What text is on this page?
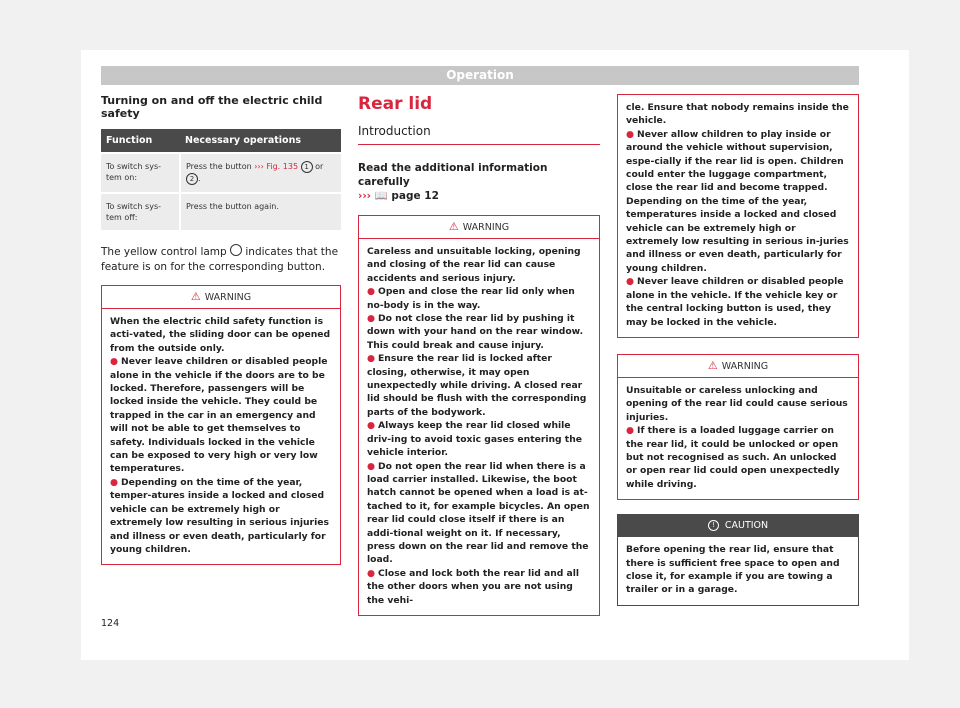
Operation
Turning on and off the electric child safety
Function	Necessary operations
To switch sys-tem on:	Press the button ››› Fig. 135 1 or
2 .
To switch sys-tem off:	Press the button again.

The yellow control lamp  indicates that the feature is on for the corresponding button.

⚠ WARNING

When the electric child safety function is acti-vated, the sliding door can be opened from the outside only.

● Never leave children or disabled people alone in the vehicle if the doors are to be locked. Therefore, passengers will be locked inside the vehicle. They could be trapped in the car in an emergency and will not be able to get themselves to safety. Individuals locked in the vehicle can be exposed to very high or very low temperatures.

● Depending on the time of the year, temper-atures inside a locked and closed vehicle can be extremely high or extremely low resulting in serious injuries and illness or even death, particularly for young children.

Rear lid
Introduction
Read the additional information carefully
››› 📖 page 12
⚠ WARNING

Careless and unsuitable locking, opening and closing of the rear lid can cause accidents and serious injury.

● Open and close the rear lid only when no-body is in the way.

● Do not close the rear lid by pushing it down with your hand on the rear window. This could break and cause injury.

● Ensure the rear lid is locked after closing, otherwise, it may open unexpectedly while driving. A closed rear lid should be flush with the corresponding parts of the bodywork.

● Always keep the rear lid closed while driv-ing to avoid toxic gases entering the vehicle interior.

● Do not open the rear lid when there is a load carrier installed. Likewise, the boot hatch cannot be opened when a load is at-tached to it, for example bicycles. An open rear lid could close itself if there is an addi-tional weight on it. If necessary, press down on the rear lid and remove the load.

● Close and lock both the rear lid and all the other doors when you are not using the vehi-

cle. Ensure that nobody remains inside the vehicle.

● Never allow children to play inside or around the vehicle without supervision, espe-cially if the rear lid is open. Children could enter the luggage compartment, close the rear lid and become trapped. Depending on the time of the year, temperatures inside a locked and closed vehicle can be extremely high or extremely low resulting in serious in-juries and illness or even death, particularly for young children.

● Never leave children or disabled people alone in the vehicle. If the vehicle key or the central locking button is used, they may be locked in the vehicle.

⚠ WARNING

Unsuitable or careless unlocking and opening of the rear lid could cause serious injuries.

● If there is a loaded luggage carrier on the rear lid, it could be unlocked or open but not recognised as such. An unlocked or open rear lid could open unexpectedly while driving.

! CAUTION

Before opening the rear lid, ensure that there is sufficient free space to open and close it, for example if you are towing a trailer or in a garage.

124
